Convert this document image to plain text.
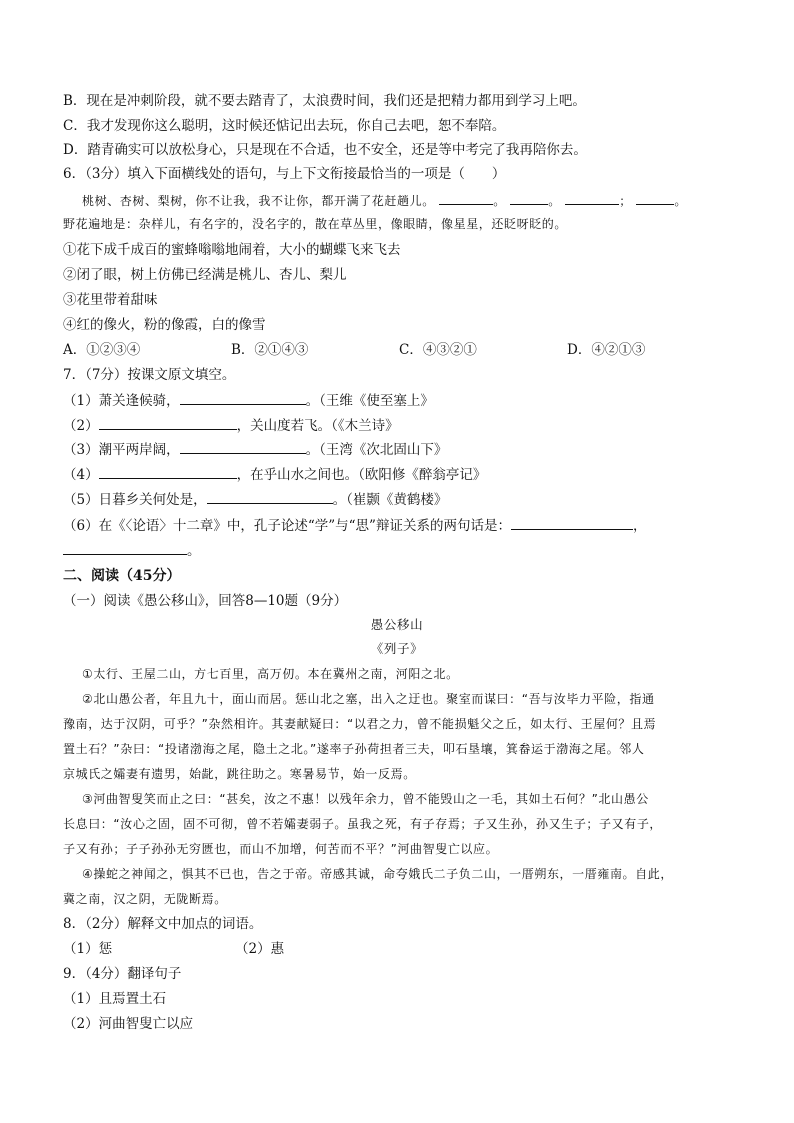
B．现在是冲刺阶段，就不要去踏青了，太浪费时间，我们还是把精力都用到学习上吧。
C．我才发现你这么聪明，这时候还惦记出去玩，你自己去吧，恕不奉陪。
D．踏青确实可以放松身心，只是现在不合适，也不安全，还是等中考完了我再陪你去。
6．（3分）填入下面横线处的语句，与上下文衔接最恰当的一项是（　　）
桃树、杏树、梨树，你不让我，我不让你，都开满了花赶趟儿。	。	。	；	。
野花遍地是：杂样儿，有名字的，没名字的，散在草丛里，像眼睛，像星星，还眨呀眨的。
①花下成千成百的蜜蜂嗡嗡地闹着，大小的蝴蝶飞来飞去
②闭了眼，树上仿佛已经满是桃儿、杏儿、梨儿
③花里带着甜味
④红的像火，粉的像霞，白的像雪
A．①②③④	B．②①④③	C．④③②①	D．④②①③
7．（7分）按课文原文填空。
（1）萧关逢候骑，	。（王维《使至塞上》
（2）	，关山度若飞。（《木兰诗》
（3）潮平两岸阔，	。（王湾《次北固山下》
（4）	，在乎山水之间也。（欧阳修《醉翁亭记》
（5）日暮乡关何处是，	。（崔颢《黄鹤楼》
（6）在《〈论语〉十二章》中，孔子论述“学”与“思”辩证关系的两句话是：	，
。
二、阅读（45分）
（一）阅读《愚公移山》，回答8—10题（9分）
愚公移山
《列子》
①太行、王屋二山，方七百里，高万仞。本在冀州之南，河阳之北。
②北山愚公者，年且九十，面山而居。惩山北之塞，出入之迂也。聚室而谋曰：“吾与汝毕力平险，指通
豫南，达于汉阴，可乎？”杂然相许。其妻献疑曰：“以君之力，曾不能损魁父之丘，如太行、王屋何？且焉
置土石？”杂曰：“投诸渤海之尾，隐土之北。”遂率子孙荷担者三夫，叩石垦壤，箕畚运于渤海之尾。邻人
京城氏之孀妻有遗男，始龀，跳往助之。寒暑易节，始一反焉。
③河曲智叟笑而止之曰：“甚矣，汝之不惠！以残年余力，曾不能毁山之一毛，其如土石何？”北山愚公
长息曰：“汝心之固，固不可彻，曾不若孀妻弱子。虽我之死，有子存焉；子又生孙，孙又生子；子又有子，
子又有孙；子子孙孙无穷匮也，而山不加增，何苦而不平？”河曲智叟亡以应。
④操蛇之神闻之，惧其不已也，告之于帝。帝感其诚，命夸娥氏二子负二山，一厝朔东，一厝雍南。自此，
冀之南，汉之阴，无陇断焉。
8．（2分）解释文中加点的词语。
（1）惩	（2）惠
9．（4分）翻译句子
（1）且焉置土石
（2）河曲智叟亡以应
